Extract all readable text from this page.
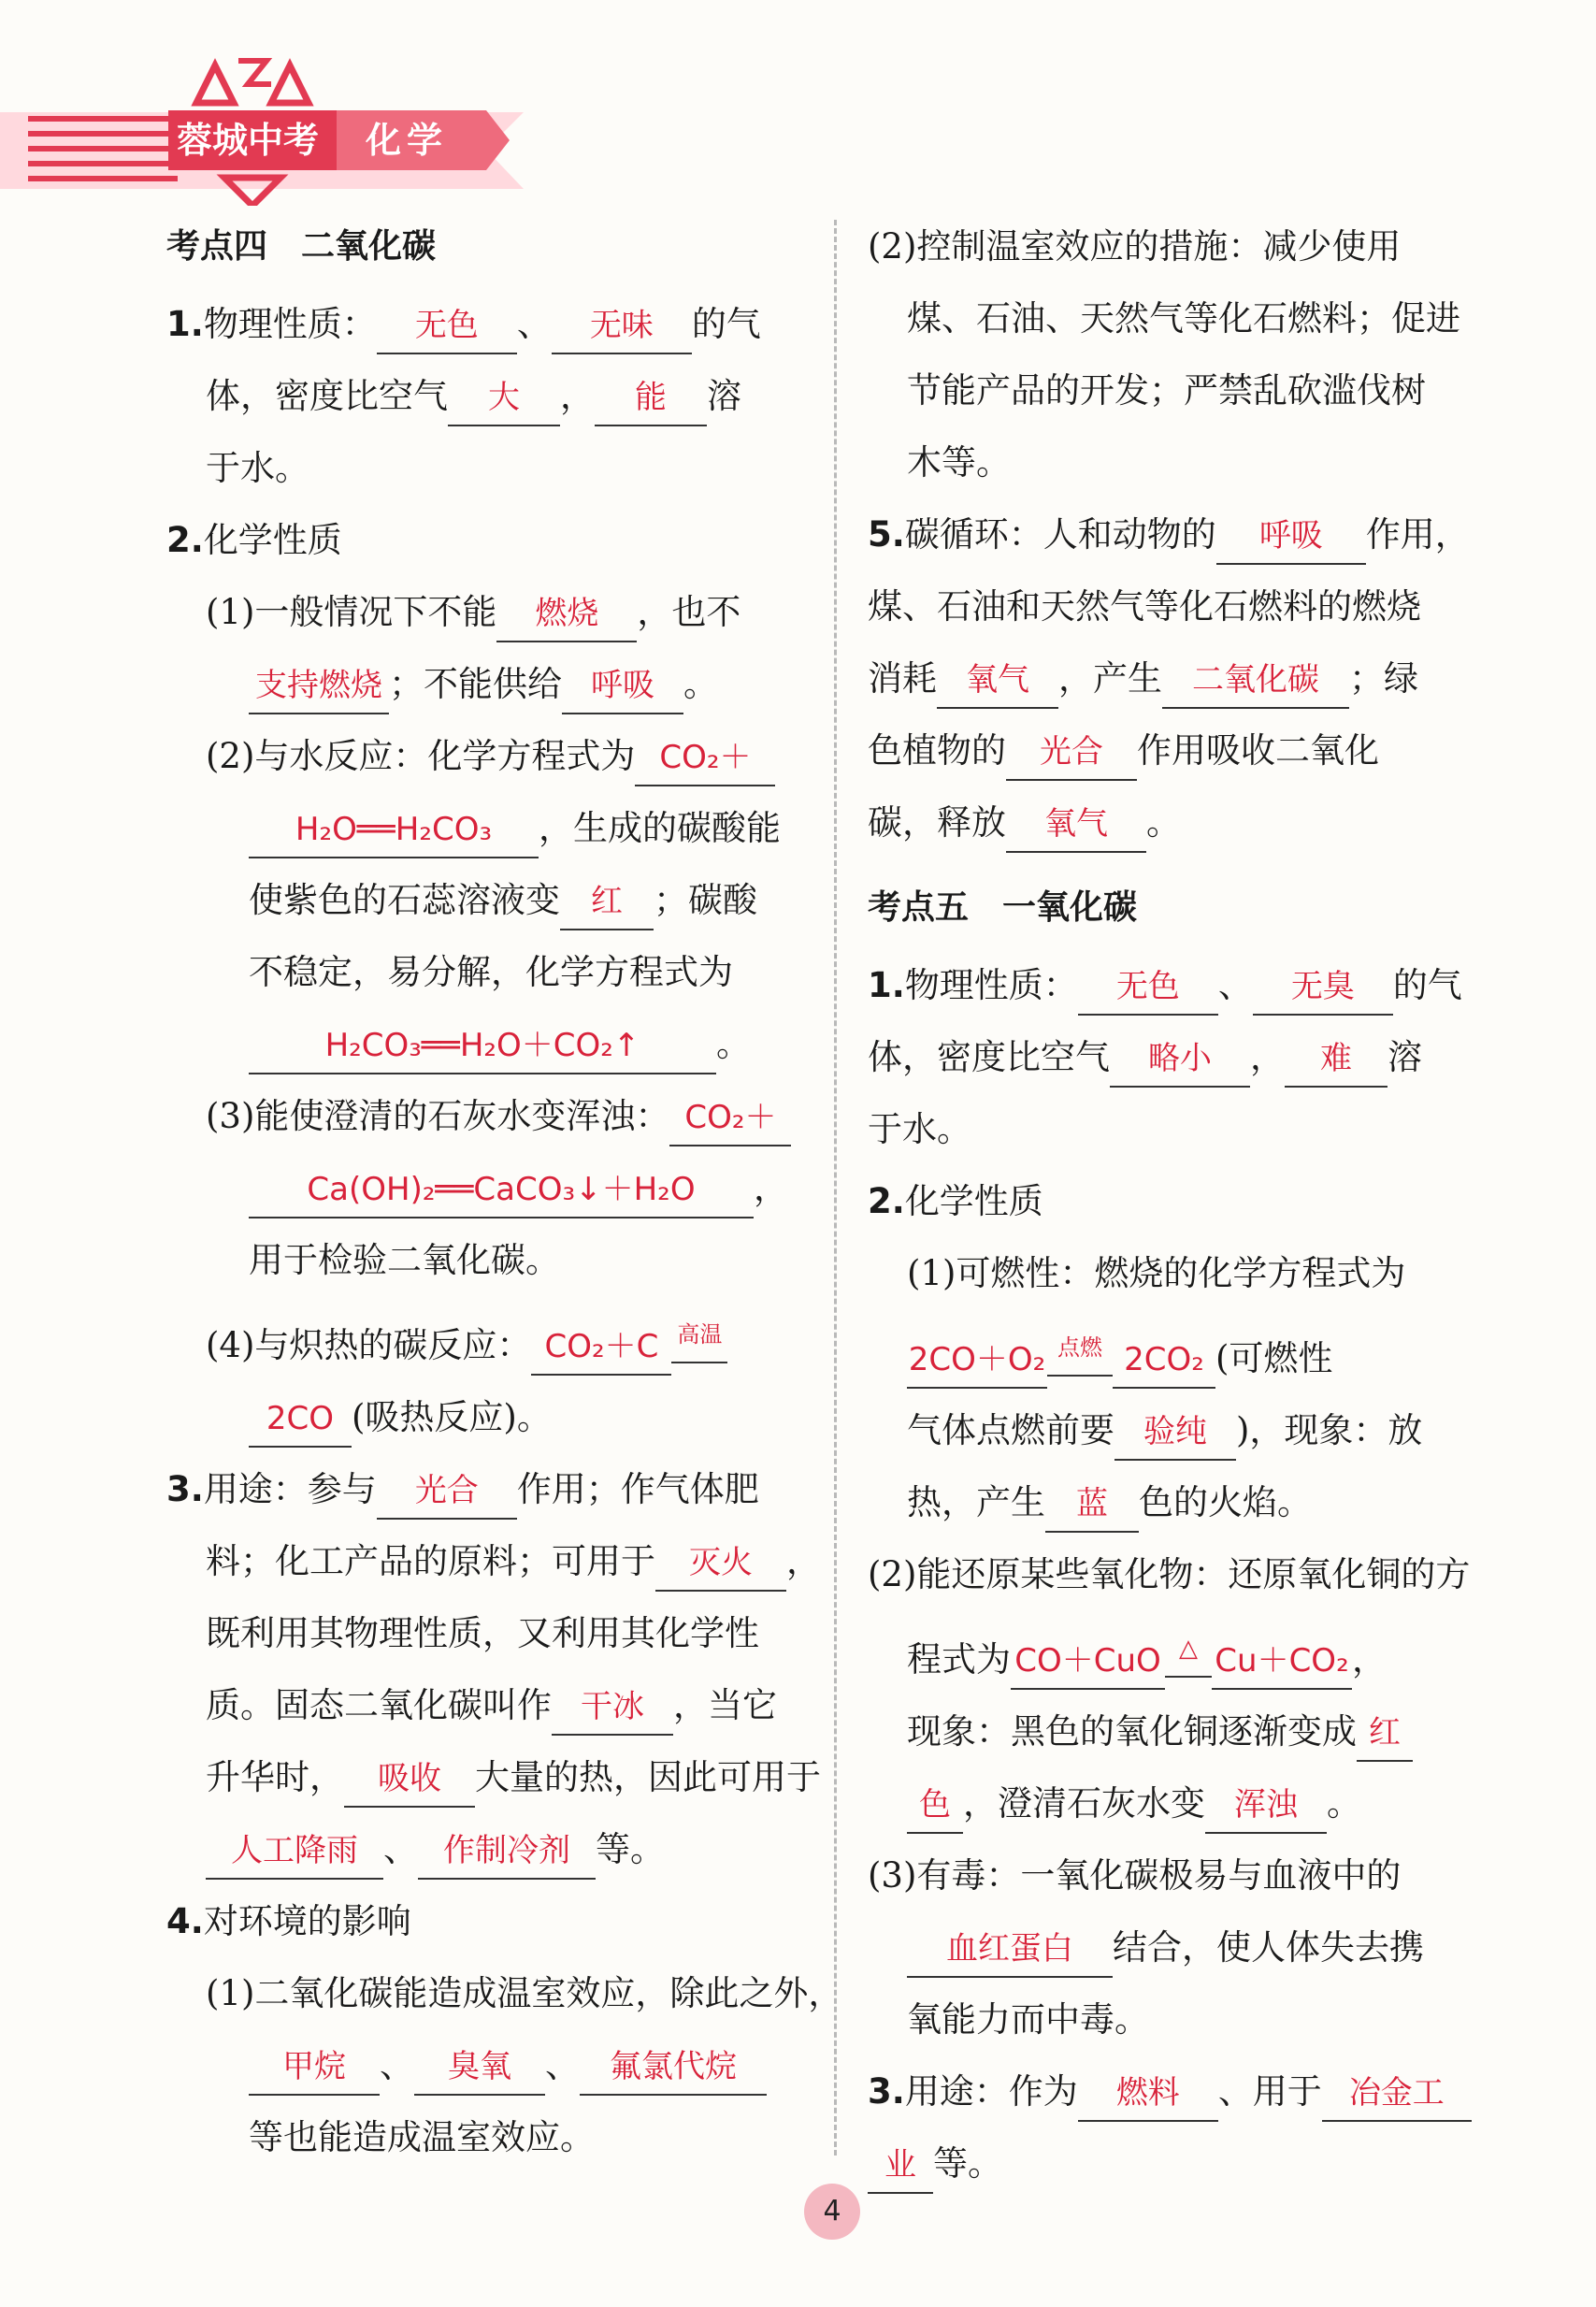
蓉城中考	化学

考点四 二氧化碳

1.物理性质： 无色 、 无味 的气

体，密度比空气 大 ， 能 溶

于水。

2.化学性质

(1)一般情况下不能 燃烧 ，也不

支持燃烧 ；不能供给 呼吸 。

(2)与水反应：化学方程式为 CO₂＋

H₂O══H₂CO₃ ，生成的碳酸能

使紫色的石蕊溶液变 红 ；碳酸

不稳定，易分解，化学方程式为

H₂CO₃══H₂O＋CO₂↑ 。

(3)能使澄清的石灰水变浑浊： CO₂＋

Ca(OH)₂══CaCO₃↓＋H₂O ，

用于检验二氧化碳。

(4)与炽热的碳反应： CO₂＋C 高温

2CO (吸热反应)。

3.用途：参与 光合 作用；作气体肥

料；化工产品的原料；可用于 灭火 ，

既利用其物理性质，又利用其化学性

质。固态二氧化碳叫作 干冰 ，当它

升华时， 吸收 大量的热，因此可用于

人工降雨 、 作制冷剂 等。

4.对环境的影响

(1)二氧化碳能造成温室效应，除此之外，

甲烷 、 臭氧 、 氟氯代烷

等也能造成温室效应。

(2)控制温室效应的措施：减少使用

煤、石油、天然气等化石燃料；促进

节能产品的开发；严禁乱砍滥伐树

木等。

5.碳循环：人和动物的 呼吸 作用，

煤、石油和天然气等化石燃料的燃烧

消耗 氧气 ，产生 二氧化碳 ；绿

色植物的 光合 作用吸收二氧化

碳，释放 氧气 。

考点五 一氧化碳

1.物理性质： 无色 、 无臭 的气

体，密度比空气 略小 ， 难 溶

于水。

2.化学性质

(1)可燃性：燃烧的化学方程式为

2CO＋O₂ 点燃 2CO₂ (可燃性

气体点燃前要 验纯 )，现象：放

热，产生 蓝 色的火焰。

(2)能还原某些氧化物：还原氧化铜的方

程式为 CO＋CuO △ Cu＋CO₂，

现象：黑色的氧化铜逐渐变成 红

色 ，澄清石灰水变 浑浊 。

(3)有毒：一氧化碳极易与血液中的

血红蛋白 结合，使人体失去携

氧能力而中毒。

3.用途：作为 燃料 、用于 冶金工

业 等。

4
